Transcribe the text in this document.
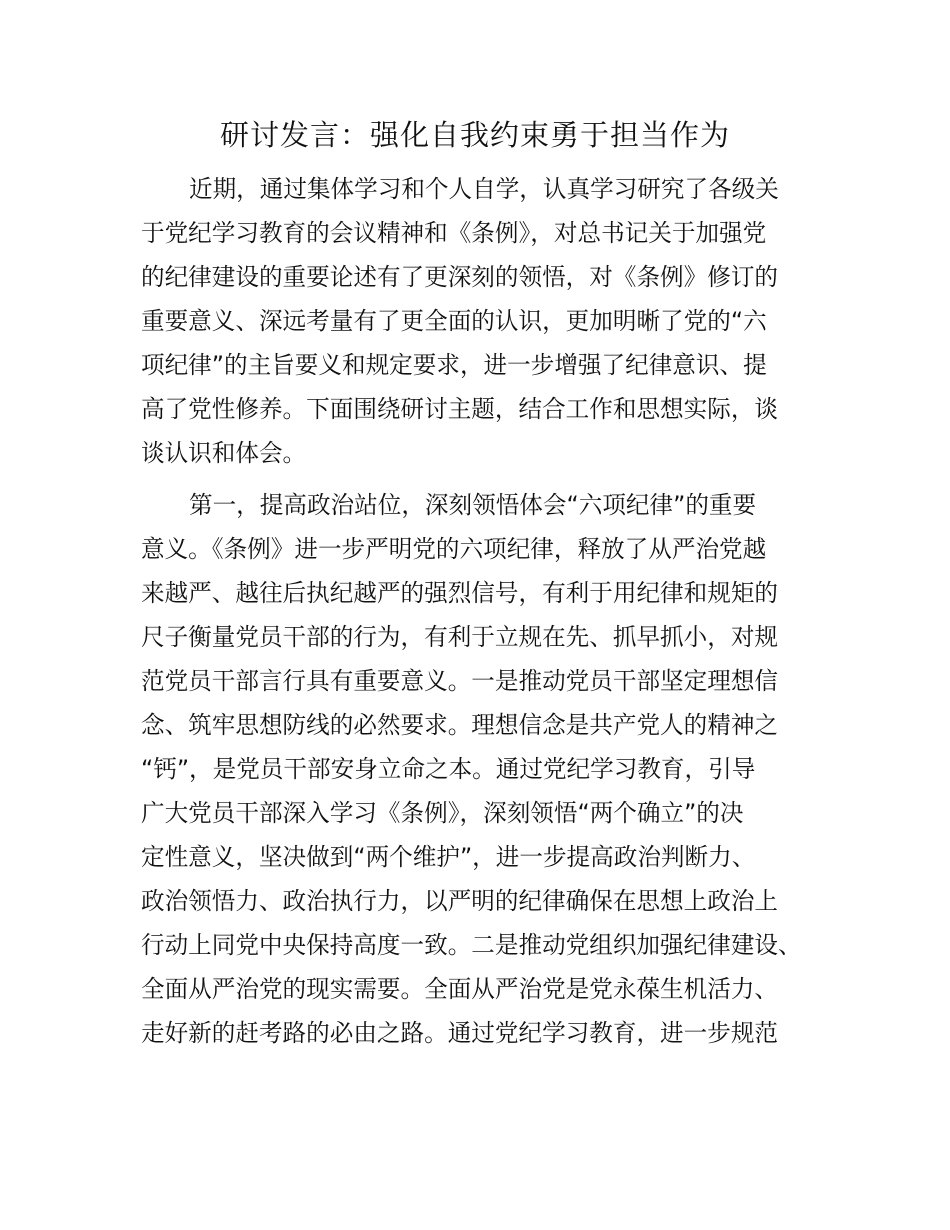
研讨发言：强化自我约束勇于担当作为
近期，通过集体学习和个人自学，认真学习研究了各级关
于党纪学习教育的会议精神和《条例》，对总书记关于加强党
的纪律建设的重要论述有了更深刻的领悟，对《条例》修订的
重要意义、深远考量有了更全面的认识，更加明晰了党的“六
项纪律”的主旨要义和规定要求，进一步增强了纪律意识、提
高了党性修养。下面围绕研讨主题，结合工作和思想实际，谈
谈认识和体会。
第一，提高政治站位，深刻领悟体会“六项纪律”的重要
意义。《条例》进一步严明党的六项纪律，释放了从严治党越
来越严、越往后执纪越严的强烈信号，有利于用纪律和规矩的
尺子衡量党员干部的行为，有利于立规在先、抓早抓小，对规
范党员干部言行具有重要意义。一是推动党员干部坚定理想信
念、筑牢思想防线的必然要求。理想信念是共产党人的精神之
“钙”，是党员干部安身立命之本。通过党纪学习教育，引导
广大党员干部深入学习《条例》，深刻领悟“两个确立”的决
定性意义，坚决做到“两个维护”，进一步提高政治判断力、
政治领悟力、政治执行力，以严明的纪律确保在思想上政治上
行动上同党中央保持高度一致。二是推动党组织加强纪律建设、
全面从严治党的现实需要。全面从严治党是党永葆生机活力、
走好新的赶考路的必由之路。通过党纪学习教育，进一步规范
